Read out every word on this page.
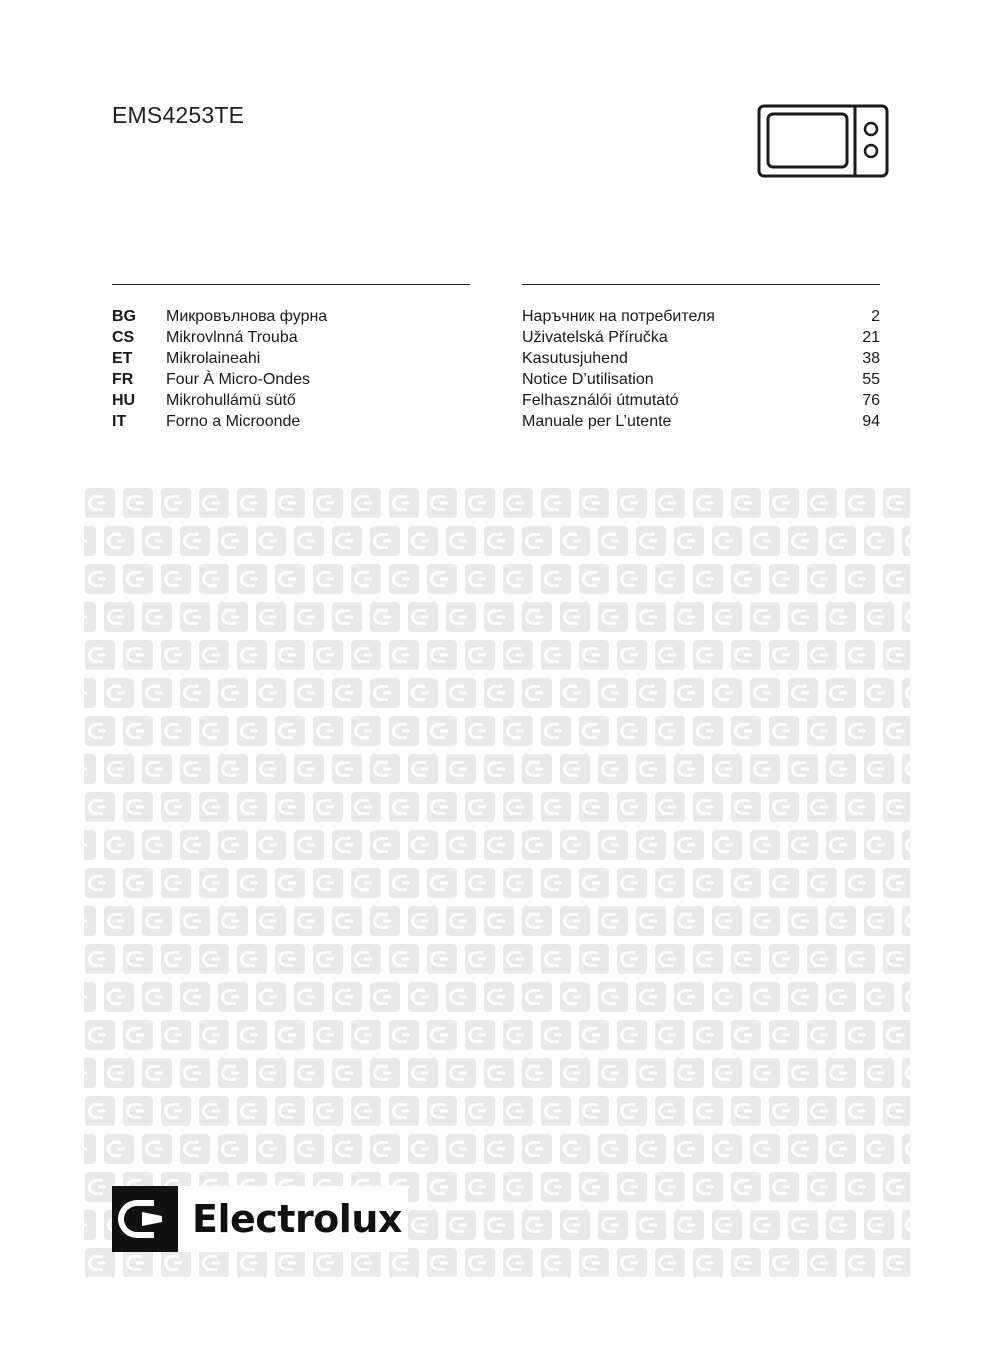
EMS4253TE
BG Микровълнова фурна	Наръчник на потребителя	2
CS Mikrovlnná Trouba	Uživatelská Příručka	21
ET Mikrolaineahi	Kasutusjuhend	38
FR Four À Micro-Ondes	Notice D’utilisation	55
HU Mikrohullámü sütő	Felhasználói útmutató	76
IT Forno a Microonde	Manuale per L’utente	94
Electrolux
